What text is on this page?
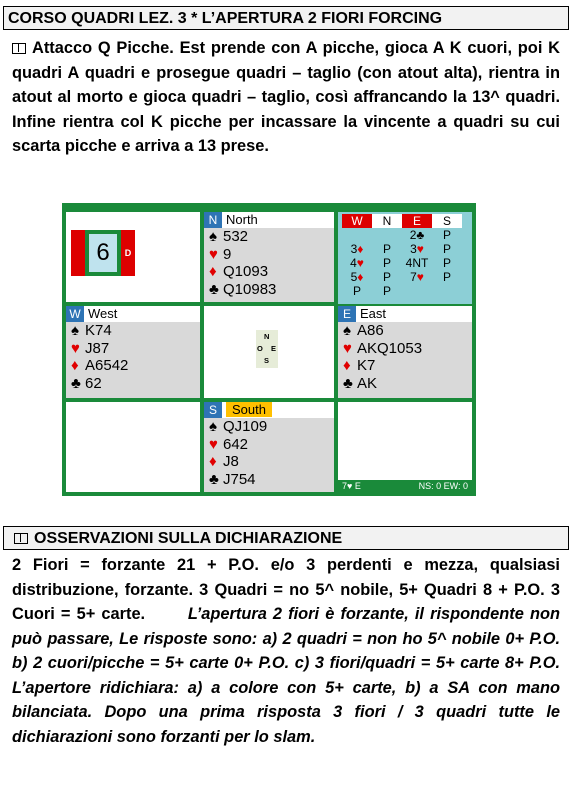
CORSO QUADRI LEZ. 3 * L’APERTURA 2 FIORI FORCING
Attacco Q Picche. Est prende con A picche, gioca A K cuori, poi K quadri A quadri e prosegue quadri – taglio (con atout alta), rientra in atout al morto e gioca quadri – taglio, così affrancando la 13^ quadri. Infine rientra col K picche per incassare la vincente a quadri su cui scarta picche e arriva a 13 prese.
6	D
N North
♠ 532
♥ 9
♦ Q1093
♣ Q10983
W	N	E	S
		2♣	P
3♦	P	3♥	P
4♥	P	4NT	P
5♦	P	7♥	P
P	P		
W West
♠ K74
♥ J87
♦ A6542
♣ 62
N
O E
S
E East
♠ A86
♥ AKQ1053
♦ K7
♣ AK
S South
♠ QJ109
♥ 642
♦ J8
♣ J754	7♥ E	NS: 0 EW: 0
OSSERVAZIONI SULLA DICHIARAZIONE
2 Fiori = forzante 21 + P.O. e/o 3 perdenti e mezza, qualsiasi distribuzione, forzante. 3 Quadri = no 5^ nobile, 5+ Quadri 8 + P.O. 3 Cuori = 5+ carte.	L’apertura 2 fiori è forzante, il rispondente non può passare, Le risposte sono: a) 2 quadri = non ho 5^ nobile 0+ P.O. b) 2 cuori/picche = 5+ carte 0+ P.O. c) 3 fiori/quadri = 5+ carte 8+ P.O. L’apertore ridichiara: a) a colore con 5+ carte, b) a SA con mano bilanciata. Dopo una prima risposta 3 fiori / 3 quadri tutte le dichiarazioni sono forzanti per lo slam.
